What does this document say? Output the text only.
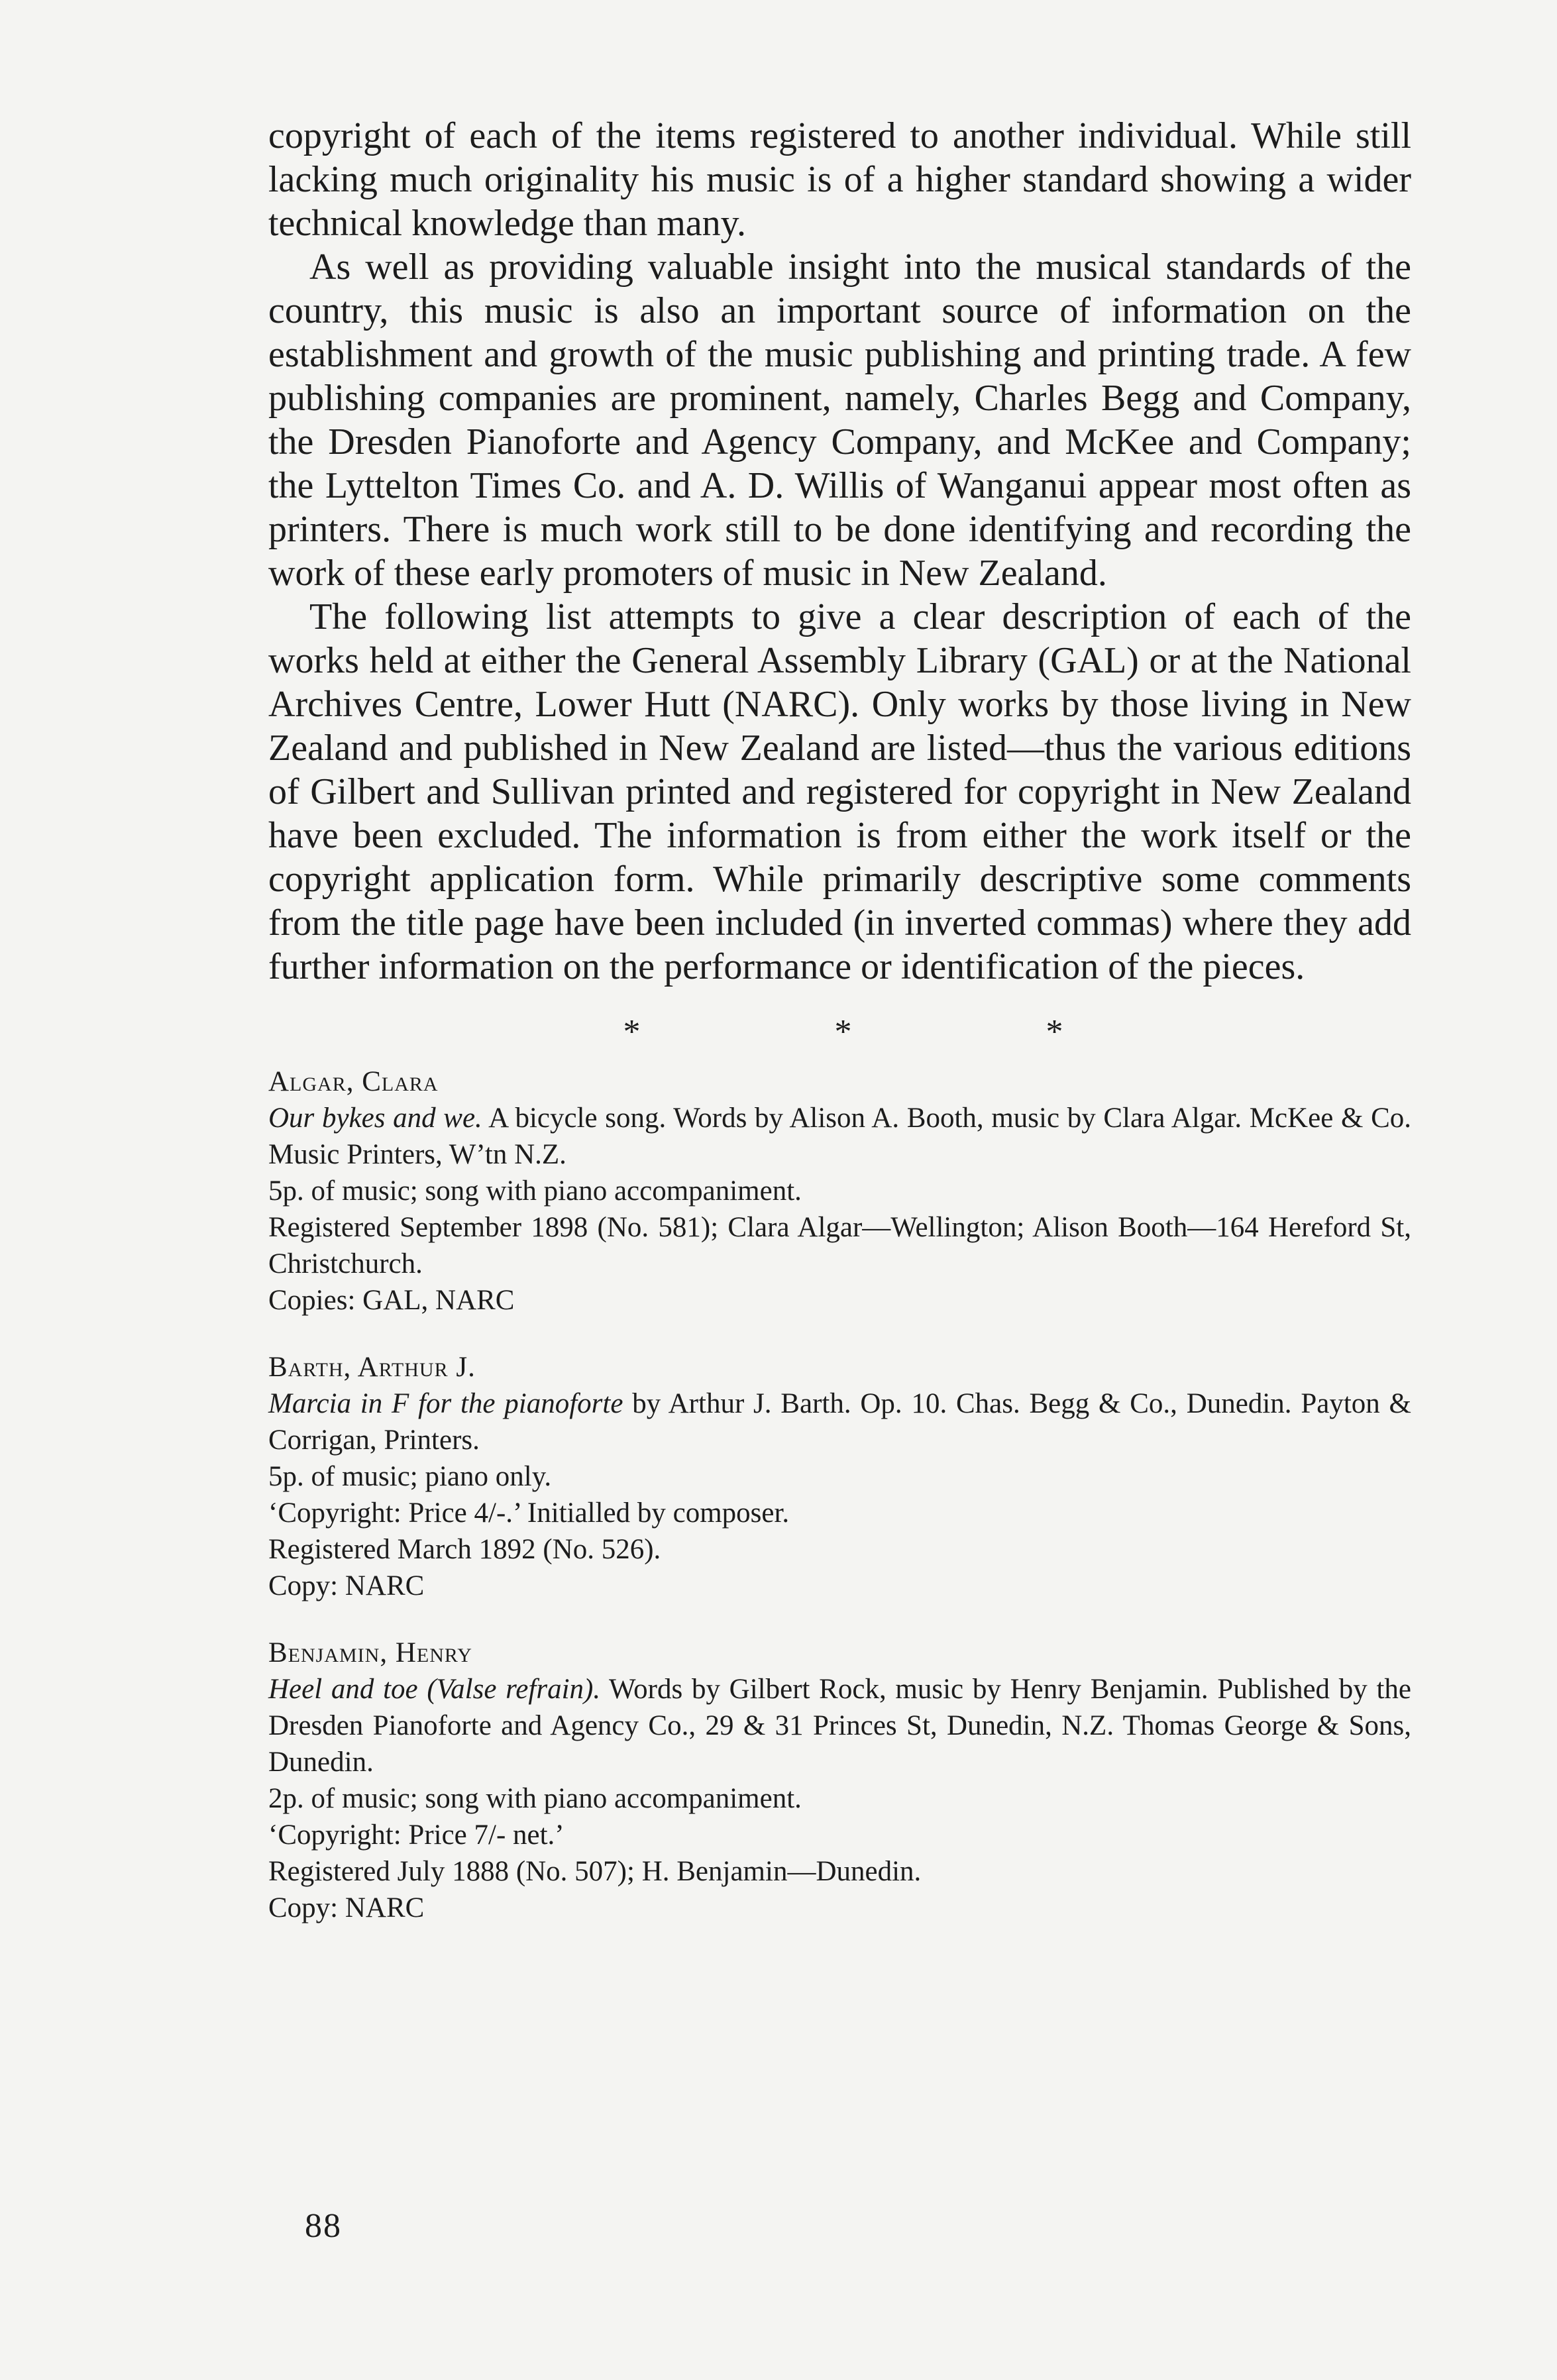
copyright of each of the items registered to another individual. While still lacking much originality his music is of a higher standard showing a wider technical knowledge than many.

As well as providing valuable insight into the musical standards of the country, this music is also an important source of information on the establishment and growth of the music publishing and printing trade. A few publishing companies are prominent, namely, Charles Begg and Company, the Dresden Pianoforte and Agency Company, and McKee and Company; the Lyttelton Times Co. and A. D. Willis of Wanganui appear most often as printers. There is much work still to be done identifying and recording the work of these early promoters of music in New Zealand.

The following list attempts to give a clear description of each of the works held at either the General Assembly Library (GAL) or at the National Archives Centre, Lower Hutt (NARC). Only works by those living in New Zealand and published in New Zealand are listed—thus the various editions of Gilbert and Sullivan printed and registered for copyright in New Zealand have been excluded. The information is from either the work itself or the copyright application form. While primarily descriptive some comments from the title page have been included (in inverted commas) where they add further information on the performance or identification of the pieces.

* * *

Algar, Clara

Our bykes and we. A bicycle song. Words by Alison A. Booth, music by Clara Algar. McKee & Co. Music Printers, W’tn N.Z.

5p. of music; song with piano accompaniment.

Registered September 1898 (No. 581); Clara Algar—Wellington; Alison Booth—164 Hereford St, Christchurch.

Copies: GAL, NARC

Barth, Arthur J.

Marcia in F for the pianoforte by Arthur J. Barth. Op. 10. Chas. Begg & Co., Dunedin. Payton & Corrigan, Printers.

5p. of music; piano only.

‘Copyright: Price 4/-.’ Initialled by composer.

Registered March 1892 (No. 526).

Copy: NARC

Benjamin, Henry

Heel and toe (Valse refrain). Words by Gilbert Rock, music by Henry Benjamin. Published by the Dresden Pianoforte and Agency Co., 29 & 31 Princes St, Dunedin, N.Z. Thomas George & Sons, Dunedin.

2p. of music; song with piano accompaniment.

‘Copyright: Price 7/- net.’

Registered July 1888 (No. 507); H. Benjamin—Dunedin.

Copy: NARC

88
